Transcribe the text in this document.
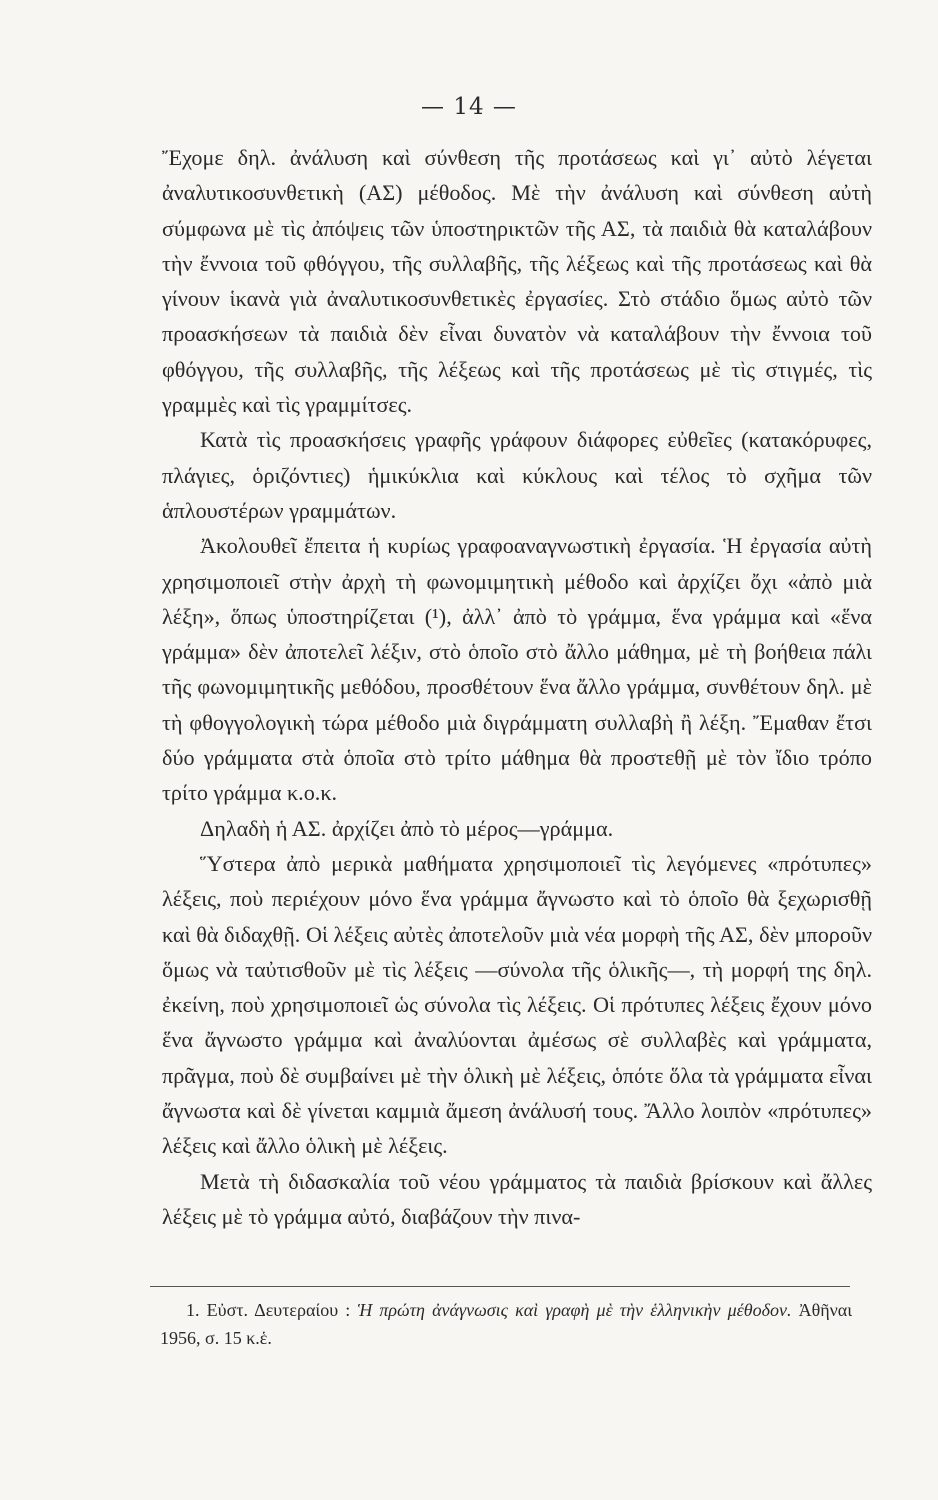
— 14 —

Ἔχομε δηλ. ἀνάλυση καὶ σύνθεση τῆς προτάσεως καὶ γι᾽ αὐτὸ λέγεται ἀναλυτικοσυνθετικὴ (ΑΣ) μέθοδος. Μὲ τὴν ἀνάλυση καὶ σύνθεση αὐτὴ σύμφωνα μὲ τὶς ἀπόψεις τῶν ὑποστηρικτῶν τῆς ΑΣ, τὰ παιδιὰ θὰ καταλάβουν τὴν ἔννοια τοῦ φθόγγου, τῆς συλλαβῆς, τῆς λέξεως καὶ τῆς προτάσεως καὶ θὰ γίνουν ἱκανὰ γιὰ ἀναλυτικοσυνθετικὲς ἐργασίες. Στὸ στάδιο ὅμως αὐτὸ τῶν προασκήσεων τὰ παιδιὰ δὲν εἶναι δυνατὸν νὰ καταλάβουν τὴν ἔννοια τοῦ φθόγγου, τῆς συλλαβῆς, τῆς λέξεως καὶ τῆς προτάσεως μὲ τὶς στιγμές, τὶς γραμμὲς καὶ τὶς γραμμίτσες.

Κατὰ τὶς προασκήσεις γραφῆς γράφουν διάφορες εὐθεῖες (κατακόρυφες, πλάγιες, ὁριζόντιες) ἡμικύκλια καὶ κύκλους καὶ τέλος τὸ σχῆμα τῶν ἁπλουστέρων γραμμάτων.

Ἀκολουθεῖ ἔπειτα ἡ κυρίως γραφοαναγνωστικὴ ἐργασία. Ἡ ἐργασία αὐτὴ χρησιμοποιεῖ στὴν ἀρχὴ τὴ φωνομιμητικὴ μέθοδο καὶ ἀρχίζει ὄχι «ἀπὸ μιὰ λέξη», ὅπως ὑποστηρίζεται (¹), ἀλλ᾽ ἀπὸ τὸ γράμμα, ἕνα γράμμα καὶ «ἕνα γράμμα» δὲν ἀποτελεῖ λέξιν, στὸ ὁποῖο στὸ ἄλλο μάθημα, μὲ τὴ βοήθεια πάλι τῆς φωνομιμητικῆς μεθόδου, προσθέτουν ἕνα ἄλλο γράμμα, συνθέτουν δηλ. μὲ τὴ φθογγολογικὴ τώρα μέθοδο μιὰ διγράμματη συλλαβὴ ἢ λέξη. Ἔμαθαν ἔτσι δύο γράμματα στὰ ὁποῖα στὸ τρίτο μάθημα θὰ προστεθῇ μὲ τὸν ἴδιο τρόπο τρίτο γράμμα κ.ο.κ.

Δηλαδὴ ἡ ΑΣ. ἀρχίζει ἀπὸ τὸ μέρος—γράμμα.

Ὕστερα ἀπὸ μερικὰ μαθήματα χρησιμοποιεῖ τὶς λεγόμενες «πρότυπες» λέξεις, ποὺ περιέχουν μόνο ἕνα γράμμα ἄγνωστο καὶ τὸ ὁποῖο θὰ ξεχωρισθῇ καὶ θὰ διδαχθῇ. Οἱ λέξεις αὐτὲς ἀποτελοῦν μιὰ νέα μορφὴ τῆς ΑΣ, δὲν μποροῦν ὅμως νὰ ταὐτισθοῦν μὲ τὶς λέξεις —σύνολα τῆς ὁλικῆς—, τὴ μορφή της δηλ. ἐκείνη, ποὺ χρησιμοποιεῖ ὡς σύνολα τὶς λέξεις. Οἱ πρότυπες λέξεις ἔχουν μόνο ἕνα ἄγνωστο γράμμα καὶ ἀναλύονται ἀμέσως σὲ συλλαβὲς καὶ γράμματα, πρᾶγμα, ποὺ δὲ συμβαίνει μὲ τὴν ὁλικὴ μὲ λέξεις, ὁπότε ὅλα τὰ γράμματα εἶναι ἄγνωστα καὶ δὲ γίνεται καμμιὰ ἄμεση ἀνάλυσή τους. Ἄλλο λοιπὸν «πρότυπες» λέξεις καὶ ἄλλο ὁλικὴ μὲ λέξεις.

Μετὰ τὴ διδασκαλία τοῦ νέου γράμματος τὰ παιδιὰ βρίσκουν καὶ ἄλλες λέξεις μὲ τὸ γράμμα αὐτό, διαβάζουν τὴν πινα-

1. Εὐστ. Δευτεραίου : Ἡ πρώτη ἀνάγνωσις καὶ γραφὴ μὲ τὴν ἑλληνικὴν μέθοδον. Ἀθῆναι 1956, σ. 15 κ.ἑ.
